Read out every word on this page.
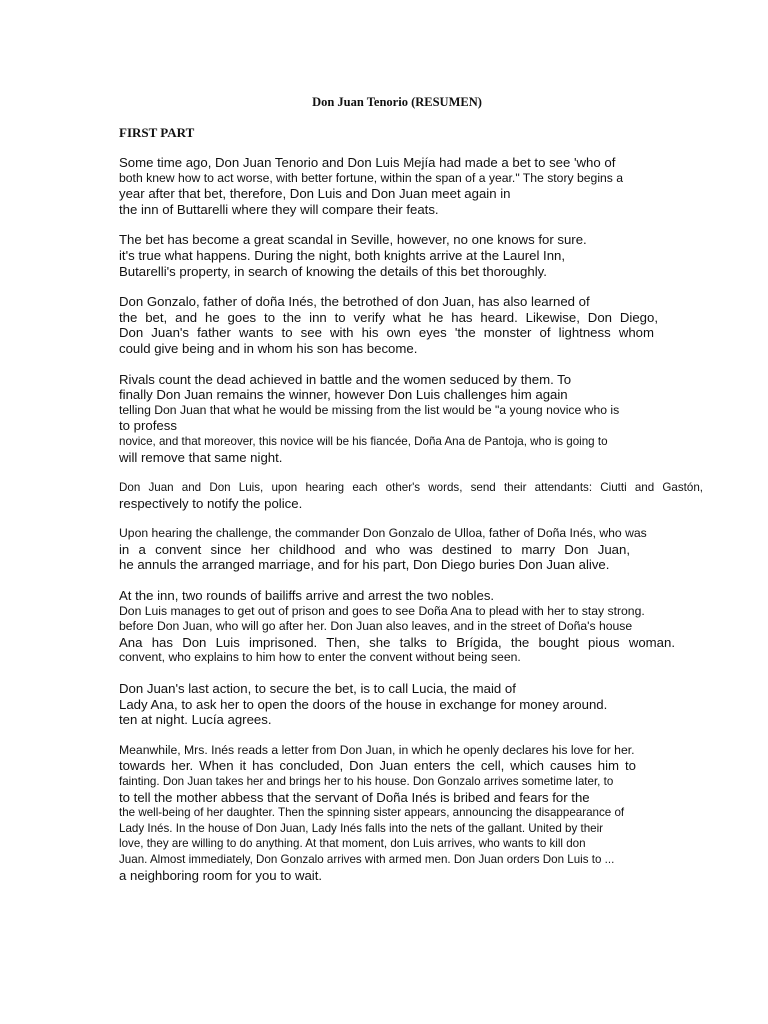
Don Juan Tenorio (RESUMEN)
FIRST PART
Some time ago, Don Juan Tenorio and Don Luis Mejía had made a bet to see 'who of
both knew how to act worse, with better fortune, within the span of a year." The story begins a
year after that bet, therefore, Don Luis and Don Juan meet again in
the inn of Buttarelli where they will compare their feats.
The bet has become a great scandal in Seville, however, no one knows for sure.
it's true what happens. During the night, both knights arrive at the Laurel Inn,
Butarelli's property, in search of knowing the details of this bet thoroughly.
Don Gonzalo, father of doña Inés, the betrothed of don Juan, has also learned of
the bet, and he goes to the inn to verify what he has heard. Likewise, Don Diego,
Don Juan's father wants to see with his own eyes 'the monster of lightness whom
could give being and in whom his son has become.
Rivals count the dead achieved in battle and the women seduced by them. To
finally Don Juan remains the winner, however Don Luis challenges him again
telling Don Juan that what he would be missing from the list would be "a young novice who is
to profess
novice, and that moreover, this novice will be his fiancée, Doña Ana de Pantoja, who is going to
will remove that same night.
Don Juan and Don Luis, upon hearing each other's words, send their attendants: Ciutti and Gastón,
respectively to notify the police.
Upon hearing the challenge, the commander Don Gonzalo de Ulloa, father of Doña Inés, who was
in a convent since her childhood and who was destined to marry Don Juan,
he annuls the arranged marriage, and for his part, Don Diego buries Don Juan alive.
At the inn, two rounds of bailiffs arrive and arrest the two nobles.
Don Luis manages to get out of prison and goes to see Doña Ana to plead with her to stay strong.
before Don Juan, who will go after her. Don Juan also leaves, and in the street of Doña's house
Ana has Don Luis imprisoned. Then, she talks to Brígida, the bought pious woman.
convent, who explains to him how to enter the convent without being seen.
Don Juan's last action, to secure the bet, is to call Lucia, the maid of
Lady Ana, to ask her to open the doors of the house in exchange for money around.
ten at night. Lucía agrees.
Meanwhile, Mrs. Inés reads a letter from Don Juan, in which he openly declares his love for her.
towards her. When it has concluded, Don Juan enters the cell, which causes him to
fainting. Don Juan takes her and brings her to his house. Don Gonzalo arrives sometime later, to
to tell the mother abbess that the servant of Doña Inés is bribed and fears for the
the well-being of her daughter. Then the spinning sister appears, announcing the disappearance of
Lady Inés. In the house of Don Juan, Lady Inés falls into the nets of the gallant. United by their
love, they are willing to do anything. At that moment, don Luis arrives, who wants to kill don
Juan. Almost immediately, Don Gonzalo arrives with armed men. Don Juan orders Don Luis to ...
a neighboring room for you to wait.
